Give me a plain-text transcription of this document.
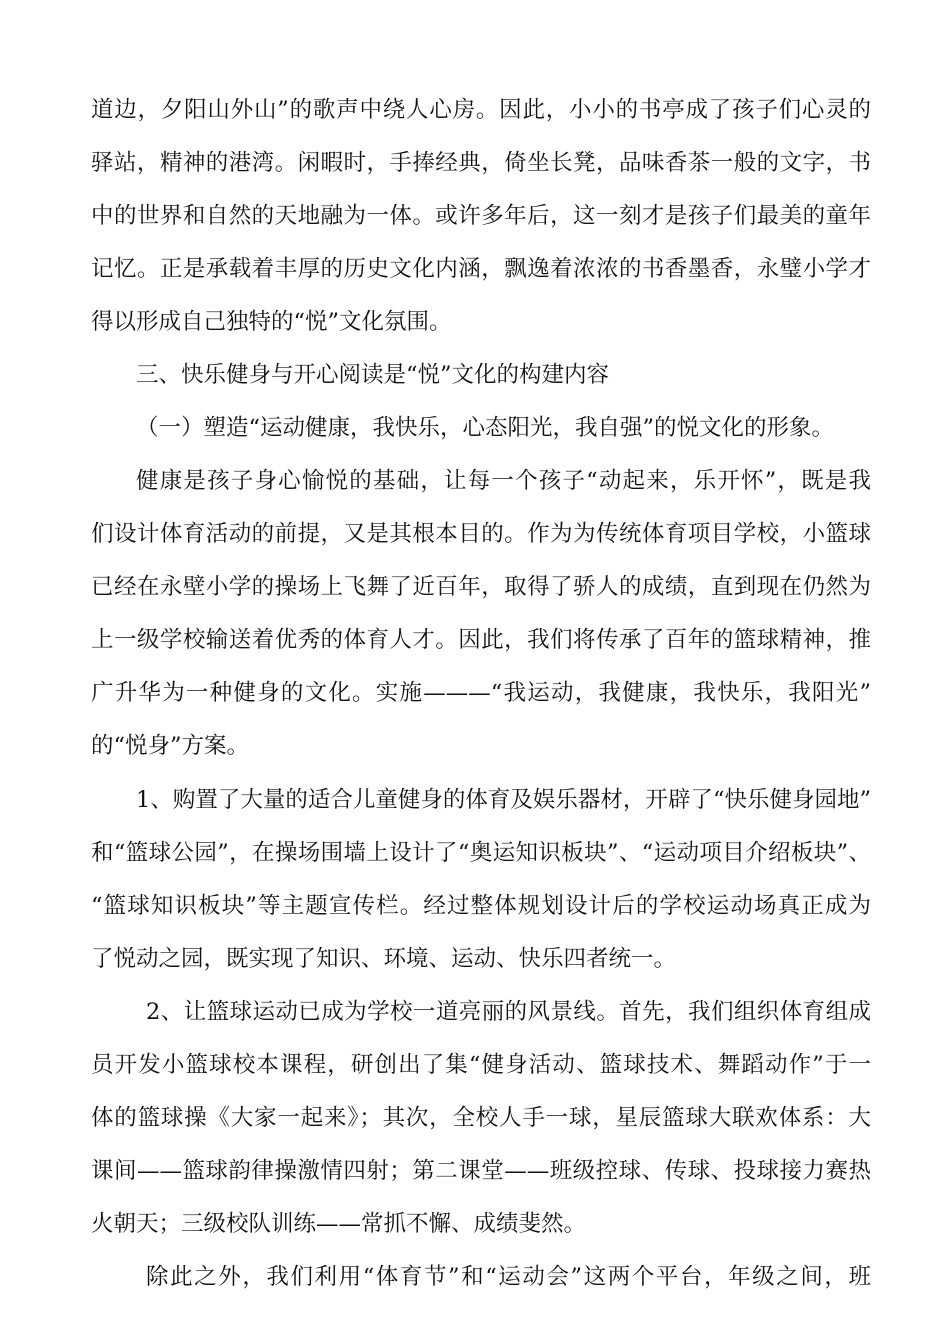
道边，夕阳山外山”的歌声中绕人心房。因此，小小的书亭成了孩子们心灵的
驿站，精神的港湾。闲暇时，手捧经典，倚坐长凳，品味香茶一般的文字，书
中的世界和自然的天地融为一体。或许多年后，这一刻才是孩子们最美的童年
记忆。正是承载着丰厚的历史文化内涵，飘逸着浓浓的书香墨香，永璧小学才
得以形成自己独特的“悦”文化氛围。
三、快乐健身与开心阅读是“悦”文化的构建内容
（一）塑造“运动健康，我快乐，心态阳光，我自强”的悦文化的形象。
健康是孩子身心愉悦的基础，让每一个孩子“动起来，乐开怀”，既是我
们设计体育活动的前提，又是其根本目的。作为为传统体育项目学校，小篮球
已经在永壁小学的操场上飞舞了近百年，取得了骄人的成绩，直到现在仍然为
上一级学校输送着优秀的体育人才。因此，我们将传承了百年的篮球精神，推
广升华为一种健身的文化。实施———“我运动，我健康，我快乐，我阳光”
的“悦身”方案。
1、购置了大量的适合儿童健身的体育及娱乐器材，开辟了“快乐健身园地”
和“篮球公园”，在操场围墙上设计了“奥运知识板块”、“运动项目介绍板块”、
“篮球知识板块”等主题宣传栏。经过整体规划设计后的学校运动场真正成为
了悦动之园，既实现了知识、环境、运动、快乐四者统一。
2、让篮球运动已成为学校一道亮丽的风景线。首先，我们组织体育组成
员开发小篮球校本课程，研创出了集“健身活动、篮球技术、舞蹈动作”于一
体的篮球操《大家一起来》；其次，全校人手一球，星辰篮球大联欢体系：大
课间——篮球韵律操激情四射；第二课堂——班级控球、传球、投球接力赛热
火朝天；三级校队训练——常抓不懈、成绩斐然。
除此之外，我们利用“体育节”和“运动会”这两个平台，年级之间，班
